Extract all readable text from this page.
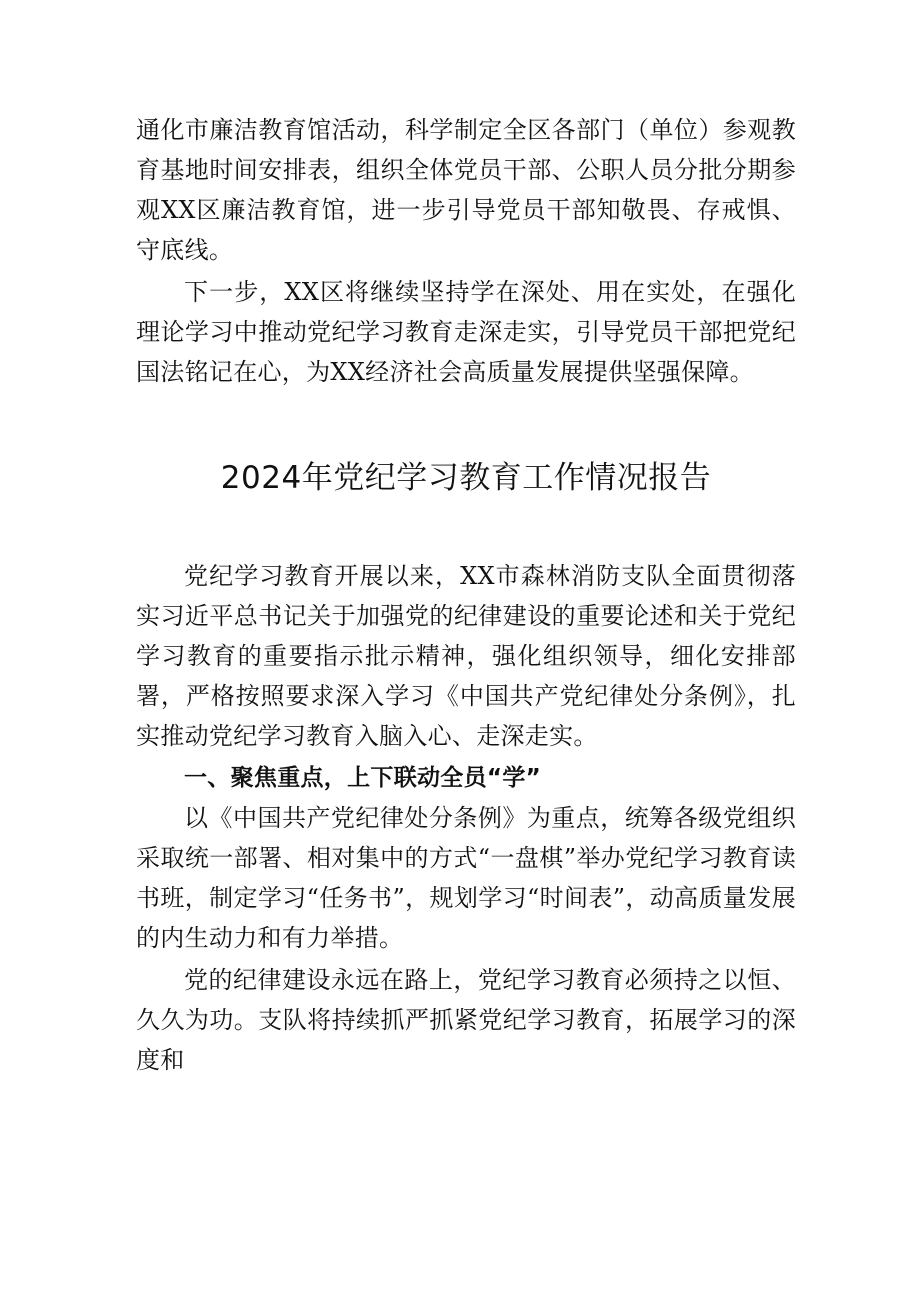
通化市廉洁教育馆活动，科学制定全区各部门（单位）参观教育基地时间安排表，组织全体党员干部、公职人员分批分期参观XX区廉洁教育馆，进一步引导党员干部知敬畏、存戒惧、守底线。

下一步，XX区将继续坚持学在深处、用在实处，在强化理论学习中推动党纪学习教育走深走实，引导党员干部把党纪国法铭记在心，为XX经济社会高质量发展提供坚强保障。

2024年党纪学习教育工作情况报告

党纪学习教育开展以来，XX市森林消防支队全面贯彻落实习近平总书记关于加强党的纪律建设的重要论述和关于党纪学习教育的重要指示批示精神，强化组织领导，细化安排部署，严格按照要求深入学习《中国共产党纪律处分条例》，扎实推动党纪学习教育入脑入心、走深走实。

一、聚焦重点，上下联动全员“学”

以《中国共产党纪律处分条例》为重点，统筹各级党组织采取统一部署、相对集中的方式“一盘棋”举办党纪学习教育读书班，制定学习“任务书”，规划学习“时间表”，动高质量发展的内生动力和有力举措。

党的纪律建设永远在路上，党纪学习教育必须持之以恒、久久为功。支队将持续抓严抓紧党纪学习教育，拓展学习的深度和
